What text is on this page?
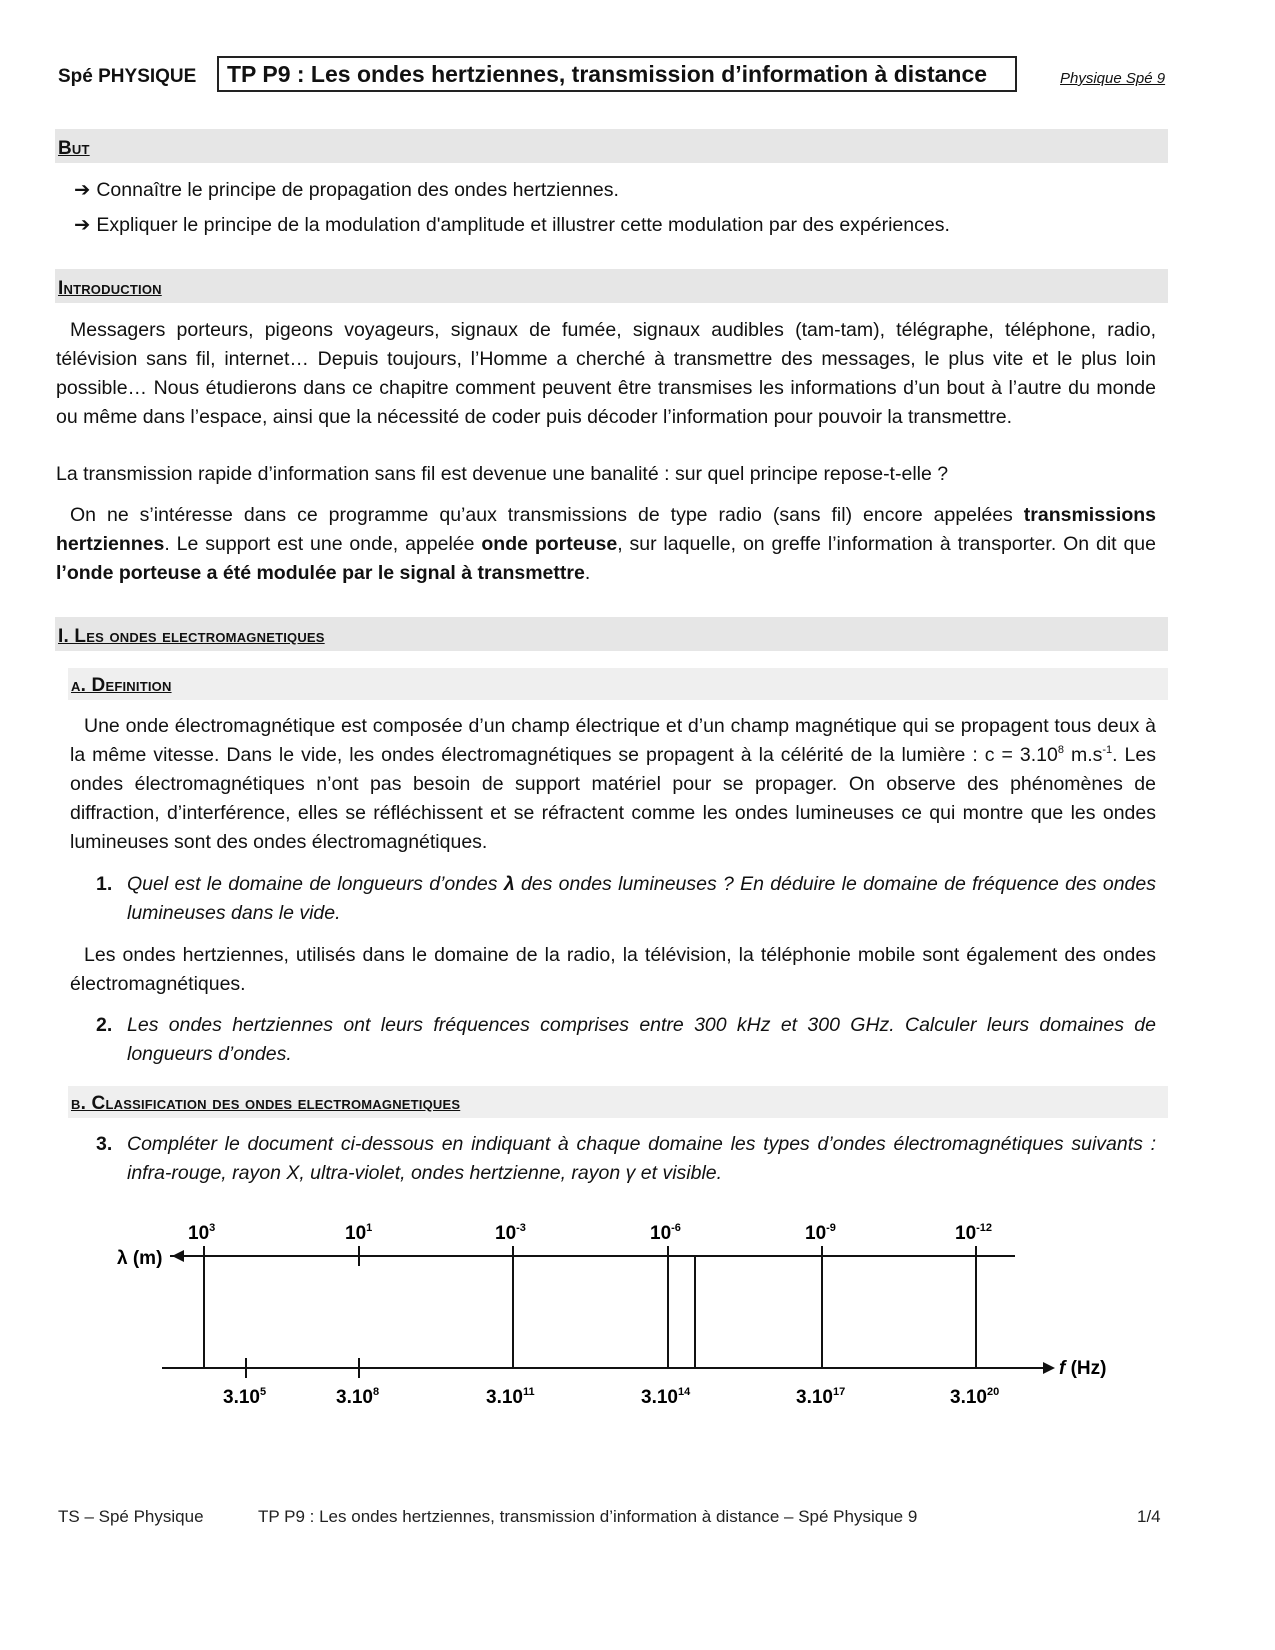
Spé PHYSIQUE TP P9 : Les ondes hertziennes, transmission d’information à distance	Physique Spé 9
But
➔ Connaître le principe de propagation des ondes hertziennes.
➔ Expliquer le principe de la modulation d'amplitude et illustrer cette modulation par des expériences.
Introduction
Messagers porteurs, pigeons voyageurs, signaux de fumée, signaux audibles (tam-tam), télégraphe, téléphone, radio, télévision sans fil, internet… Depuis toujours, l’Homme a cherché à transmettre des messages, le plus vite et le plus loin possible… Nous étudierons dans ce chapitre comment peuvent être transmises les informations d’un bout à l’autre du monde ou même dans l’espace, ainsi que la nécessité de coder puis décoder l’information pour pouvoir la transmettre.
La transmission rapide d’information sans fil est devenue une banalité : sur quel principe repose-t-elle ?
On ne s’intéresse dans ce programme qu’aux transmissions de type radio (sans fil) encore appelées transmissions hertziennes. Le support est une onde, appelée onde porteuse, sur laquelle, on greffe l’information à transporter. On dit que l’onde porteuse a été modulée par le signal à transmettre.
I. Les ondes electromagnetiques
a. Definition
Une onde électromagnétique est composée d’un champ électrique et d’un champ magnétique qui se propagent tous deux à la même vitesse. Dans le vide, les ondes électromagnétiques se propagent à la célérité de la lumière : $c = 3.10^8$ $m.s^{-1}$. Les ondes électromagnétiques n’ont pas besoin de support matériel pour se propager. On observe des phénomènes de diffraction, d’interférence, elles se réfléchissent et se réfractent comme les ondes lumineuses ce qui montre que les ondes lumineuses sont des ondes électromagnétiques.
1. Quel est le domaine de longueurs d’ondes λ des ondes lumineuses ? En déduire le domaine de fréquence des ondes lumineuses dans le vide.
Les ondes hertziennes, utilisés dans le domaine de la radio, la télévision, la téléphonie mobile sont également des ondes électromagnétiques.
2. Les ondes hertziennes ont leurs fréquences comprises entre 300 kHz et 300 GHz. Calculer leurs domaines de longueurs d’ondes.
b. Classification des ondes electromagnetiques
3. Compléter le document ci-dessous en indiquant à chaque domaine les types d’ondes électromagnétiques suivants : infra-rouge, rayon X, ultra-violet, ondes hertzienne, rayon γ et visible.
λ (m)
f (Hz)
$10^3$	$10^1$	$10^{-3}$	$10^{-6}$	$10^{-9}$	$10^{-12}$
3.10$^5$	3.10$^8$	3.10$^{11}$	3.10$^{14}$	3.10$^{17}$	3.10$^{20}$
TS – Spé Physique	TP P9 : Les ondes hertziennes, transmission d’information à distance – Spé Physique 9	1/4
